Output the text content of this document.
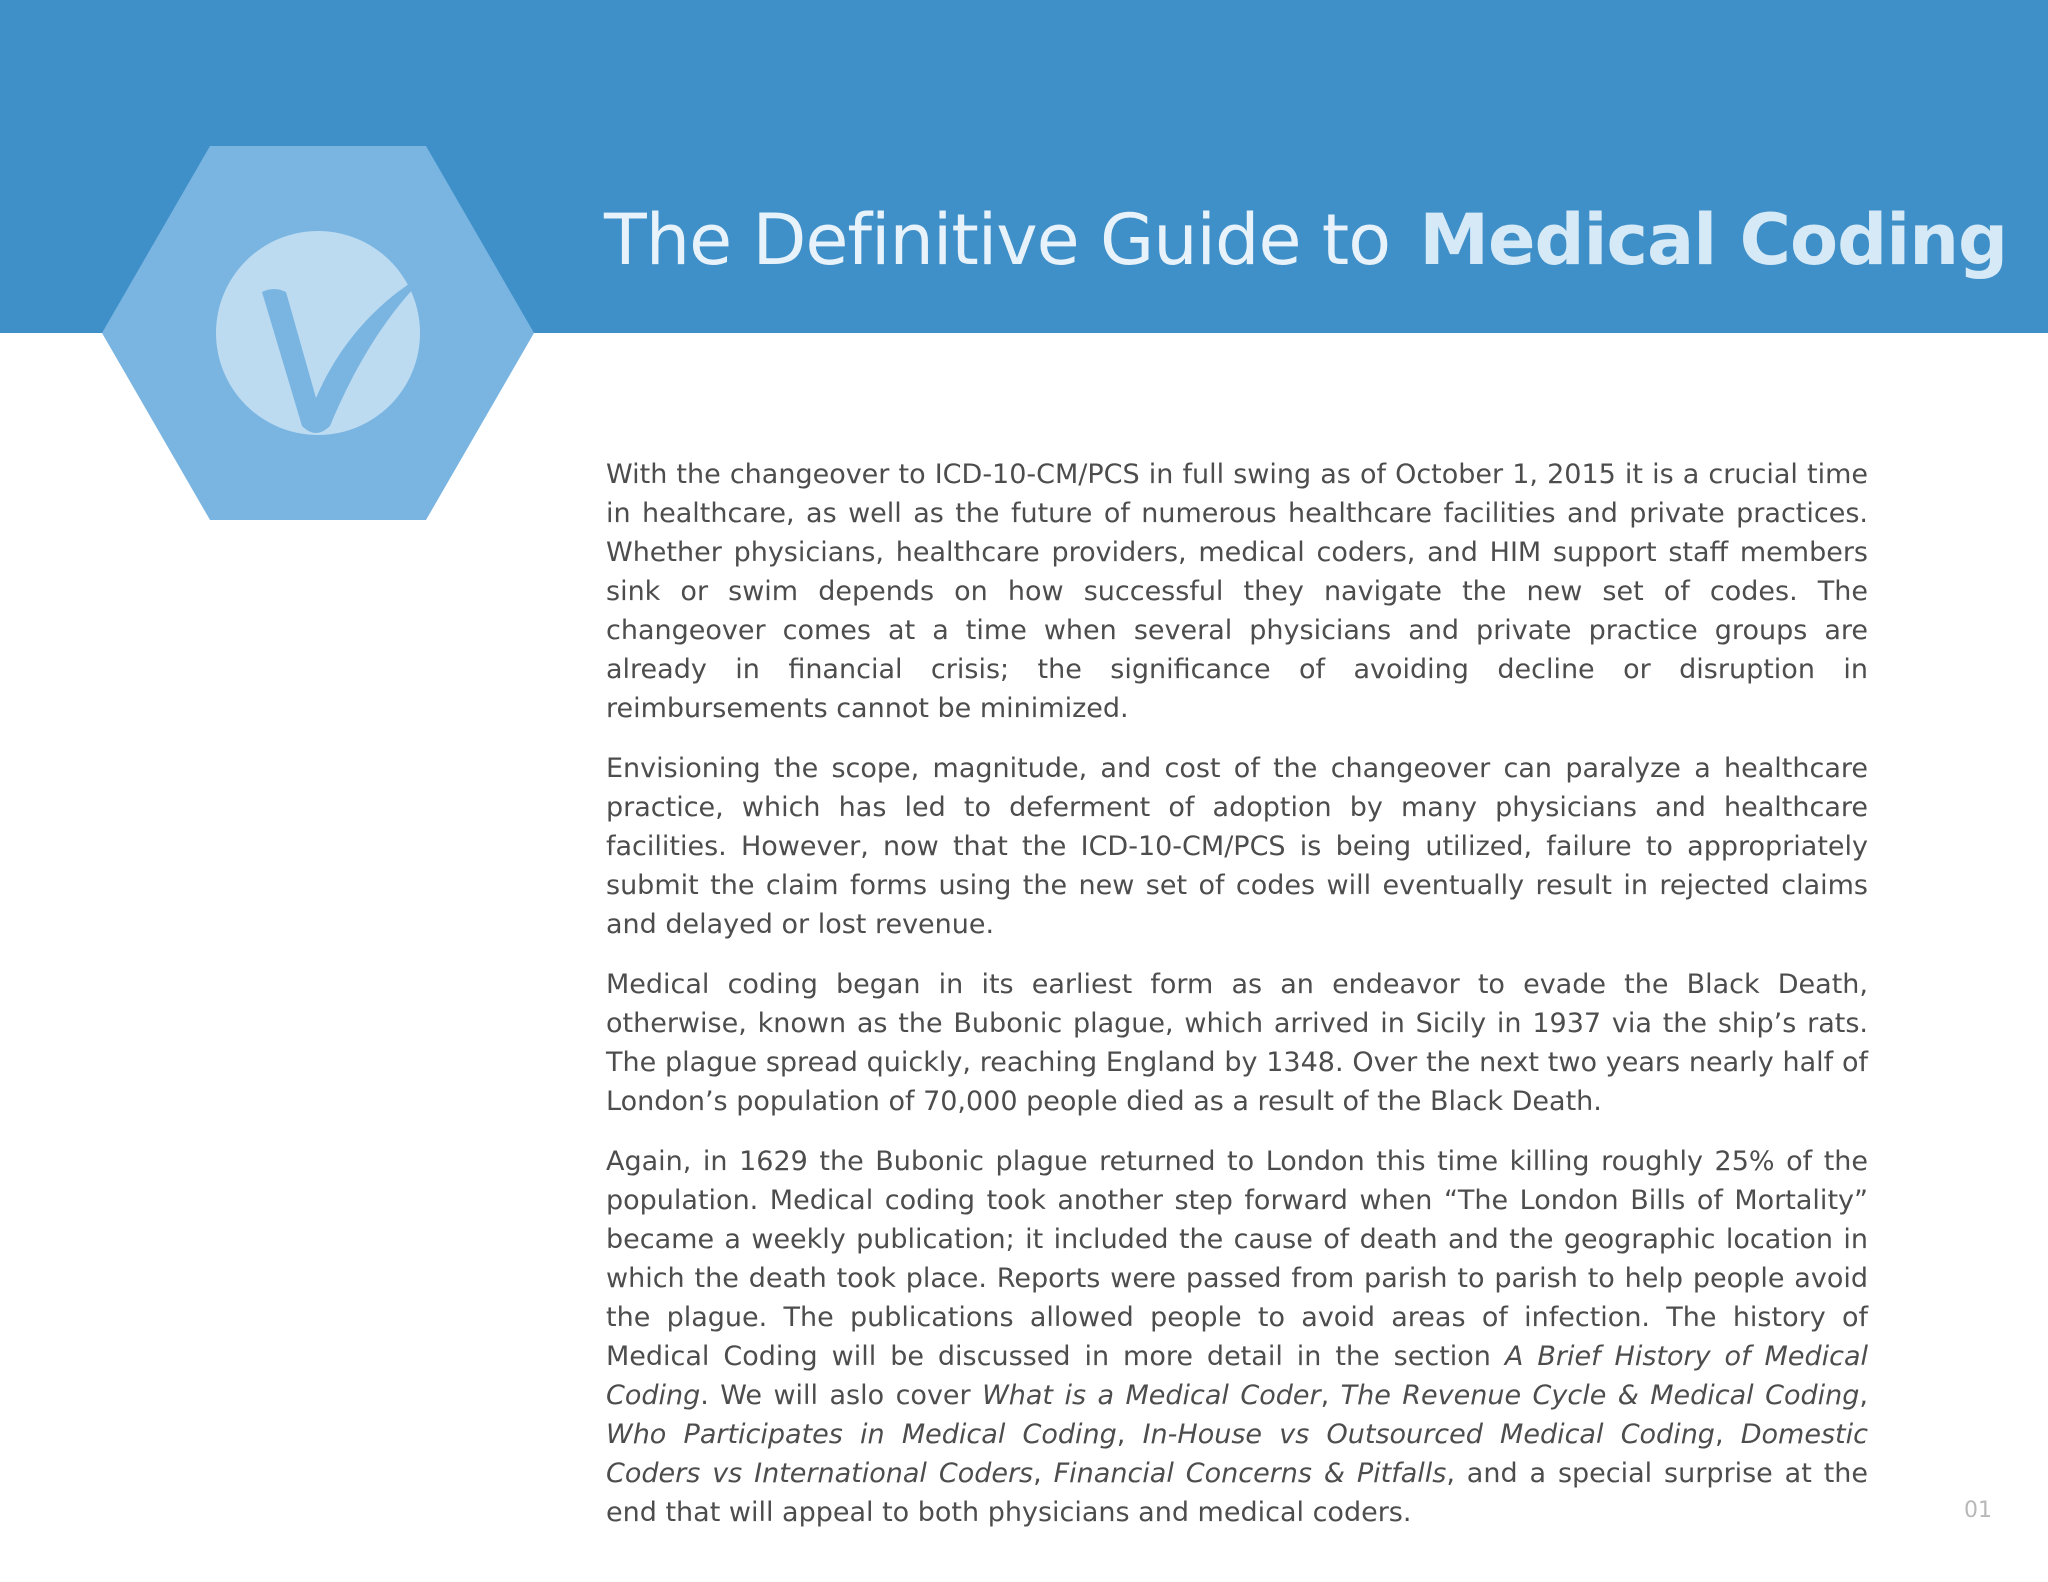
The Definitive Guide to Medical Coding

With the changeover to ICD-10-CM/PCS in full swing as of October 1, 2015 it is a crucial time in healthcare, as well as the future of numerous healthcare facilities and private practices. Whether physicians, healthcare providers, medical coders, and HIM support staff members sink or swim depends on how successful they navigate the new set of codes. The changeover comes at a time when several physicians and private practice groups are already in financial crisis; the significance of avoiding decline or disruption in reimbursements cannot be minimized.

Envisioning the scope, magnitude, and cost of the changeover can paralyze a healthcare practice, which has led to deferment of adoption by many physicians and healthcare facilities. However, now that the ICD-10-CM/PCS is being utilized, failure to appropriately submit the claim forms using the new set of codes will eventually result in rejected claims and delayed or lost revenue.

Medical coding began in its earliest form as an endeavor to evade the Black Death, otherwise, known as the Bubonic plague, which arrived in Sicily in 1937 via the ship’s rats. The plague spread quickly, reaching England by 1348. Over the next two years nearly half of London’s population of 70,000 people died as a result of the Black Death.

Again, in 1629 the Bubonic plague returned to London this time killing roughly 25% of the population. Medical coding took another step forward when “The London Bills of Mortality” became a weekly publication; it included the cause of death and the geographic location in which the death took place. Reports were passed from parish to parish to help people avoid the plague. The publications allowed people to avoid areas of infection. The history of Medical Coding will be discussed in more detail in the section A Brief History of Medical Coding. We will aslo cover What is a Medical Coder, The Revenue Cycle & Medical Coding, Who Participates in Medical Coding, In-House vs Outsourced Medical Coding, Domestic Coders vs International Coders, Financial Concerns & Pitfalls, and a special surprise at the end that will appeal to both physicians and medical coders.	01
